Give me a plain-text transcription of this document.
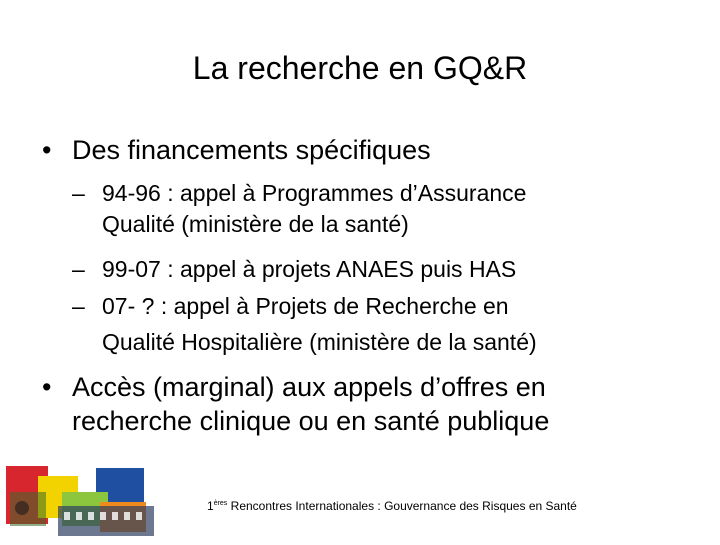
La recherche en GQ&R
• Des financements spécifiques
– 94-96 : appel à Programmes d’Assurance
Qualité (ministère de la santé)
– 99-07 : appel à projets ANAES puis HAS
– 07- ? : appel à Projets de Recherche en
Qualité Hospitalière (ministère de la santé)
• Accès (marginal) aux appels d’offres en
recherche clinique ou en santé publique
1ères Rencontres Internationales : Gouvernance des Risques en Santé
